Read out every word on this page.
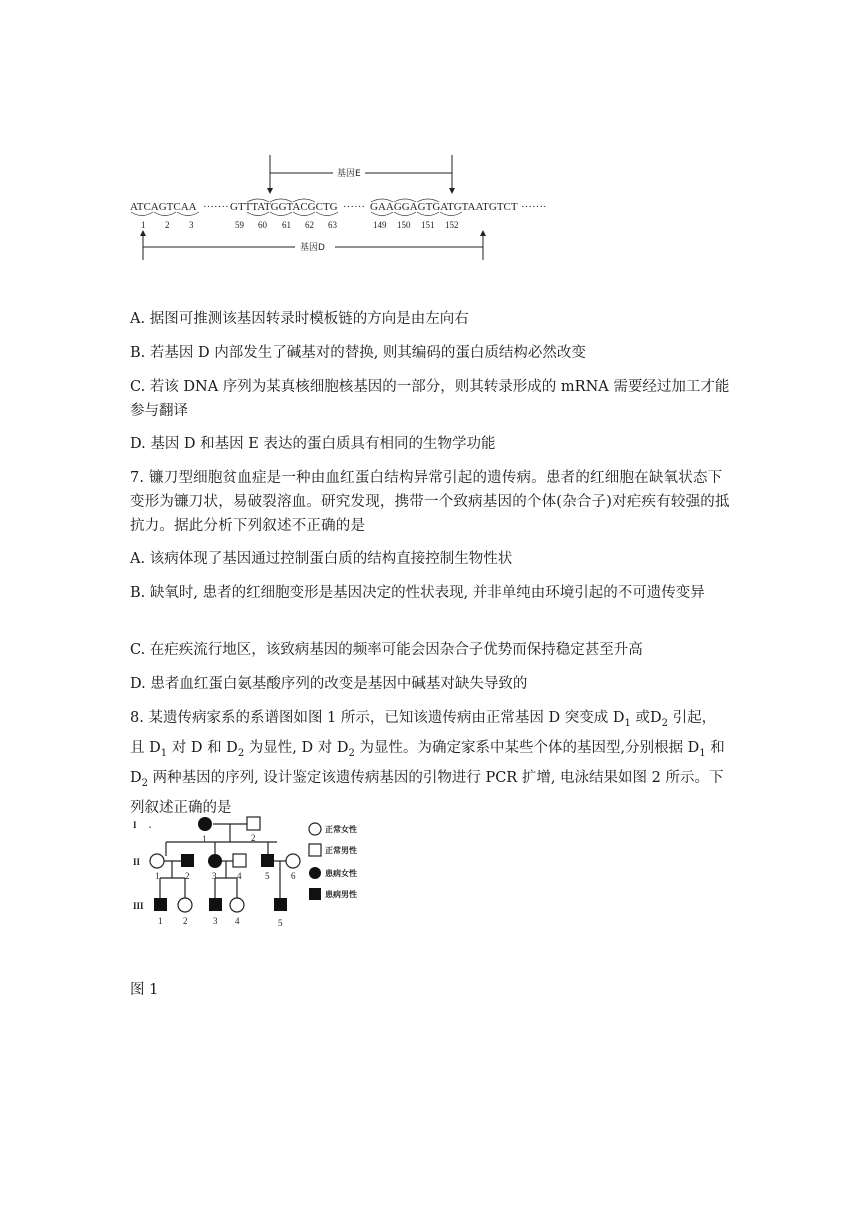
基因E
ATCAGTCAA ······· GTTTATGGTACGCTG ······ GAAGGAGTGATGTAATGTCT ·······
1 2 3	59 60 61 62 63	149 150 151 152
基因D

A. 据图可推测该基因转录时模板链的方向是由左向右

B. 若基因 D 内部发生了碱基对的替换, 则其编码的蛋白质结构必然改变

C. 若该 DNA 序列为某真核细胞核基因的一部分，则其转录形成的 mRNA 需要经过加工才能参与翻译

D. 基因 D 和基因 E 表达的蛋白质具有相同的生物学功能

7. 镰刀型细胞贫血症是一种由血红蛋白结构异常引起的遗传病。患者的红细胞在缺氧状态下变形为镰刀状，易破裂溶血。研究发现，携带一个致病基因的个体(杂合子)对疟疾有较强的抵抗力。据此分析下列叙述不正确的是

A. 该病体现了基因通过控制蛋白质的结构直接控制生物性状

B. 缺氧时, 患者的红细胞变形是基因决定的性状表现, 并非单纯由环境引起的不可遗传变异

C. 在疟疾流行地区，该致病基因的频率可能会因杂合子优势而保持稳定甚至升高

D. 患者血红蛋白氨基酸序列的改变是基因中碱基对缺失导致的

8. 某遗传病家系的系谱图如图 1 所示，已知该遗传病由正常基因 D 突变成 $D_1$ 或$D_2$ 引起，且 $D_1$ 对 D 和 $D_2$ 为显性, D 对 $D_2$ 为显性。为确定家系中某些个体的基因型,分别根据 $D_1$ 和 $D_2$ 两种基因的序列, 设计鉴定该遗传病基因的引物进行 PCR 扩增, 电泳结果如图 2 所示。下列叙述正确的是

I .
II
III
1	2
1	2	3 4	5 6
1 2	3 4	5
正常女性
正常男性
患病女性
患病男性
图 1
